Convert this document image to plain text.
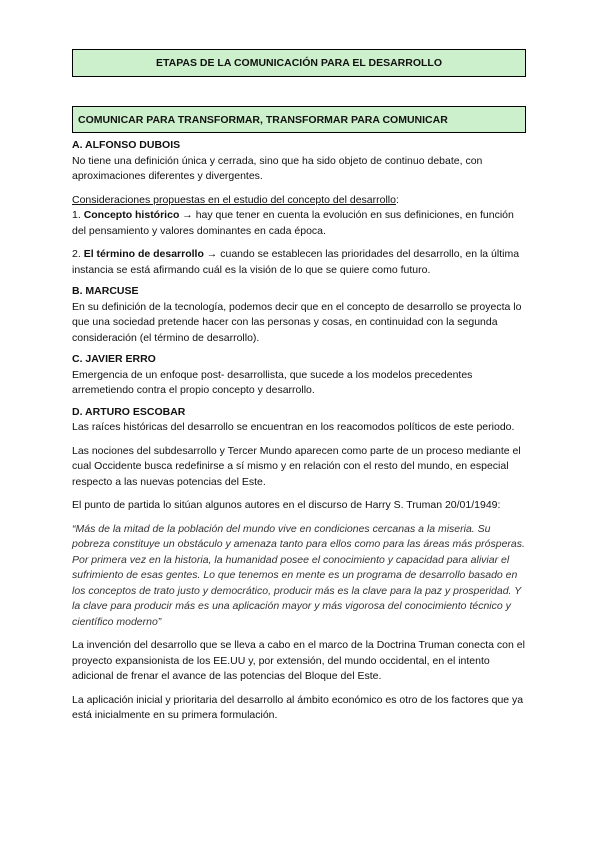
ETAPAS DE LA COMUNICACIÓN PARA EL DESARROLLO
COMUNICAR PARA TRANSFORMAR, TRANSFORMAR PARA COMUNICAR

A. ALFONSO DUBOIS

No tiene una definición única y cerrada, sino que ha sido objeto de continuo debate, con aproximaciones diferentes y divergentes.

Consideraciones propuestas en el estudio del concepto del desarrollo:

1. Concepto histórico → hay que tener en cuenta la evolución en sus definiciones, en función del pensamiento y valores dominantes en cada época.

2. El término de desarrollo → cuando se establecen las prioridades del desarrollo, en la última instancia se está afirmando cuál es la visión de lo que se quiere como futuro.

B. MARCUSE

En su definición de la tecnología, podemos decir que en el concepto de desarrollo se proyecta lo que una sociedad pretende hacer con las personas y cosas, en continuidad con la segunda consideración (el término de desarrollo).

C. JAVIER ERRO

Emergencia de un enfoque post- desarrollista, que sucede a los modelos precedentes arremetiendo contra el propio concepto y desarrollo.

D. ARTURO ESCOBAR

Las raíces históricas del desarrollo se encuentran en los reacomodos políticos de este periodo.

Las nociones del subdesarrollo y Tercer Mundo aparecen como parte de un proceso mediante el cual Occidente busca redefinirse a sí mismo y en relación con el resto del mundo, en especial respecto a las nuevas potencias del Este.

El punto de partida lo sitúan algunos autores en el discurso de Harry S. Truman 20/01/1949:

“Más de la mitad de la población del mundo vive en condiciones cercanas a la miseria. Su pobreza constituye un obstáculo y amenaza tanto para ellos como para las áreas más prósperas. Por primera vez en la historia, la humanidad posee el conocimiento y capacidad para aliviar el sufrimiento de esas gentes. Lo que tenemos en mente es un programa de desarrollo basado en los conceptos de trato justo y democrático, producir más es la clave para la paz y prosperidad. Y la clave para producir más es una aplicación mayor y más vigorosa del conocimiento técnico y científico moderno”

La invención del desarrollo que se lleva a cabo en el marco de la Doctrina Truman conecta con el proyecto expansionista de los EE.UU y, por extensión, del mundo occidental, en el intento adicional de frenar el avance de las potencias del Bloque del Este.

La aplicación inicial y prioritaria del desarrollo al ámbito económico es otro de los factores que ya está inicialmente en su primera formulación.
